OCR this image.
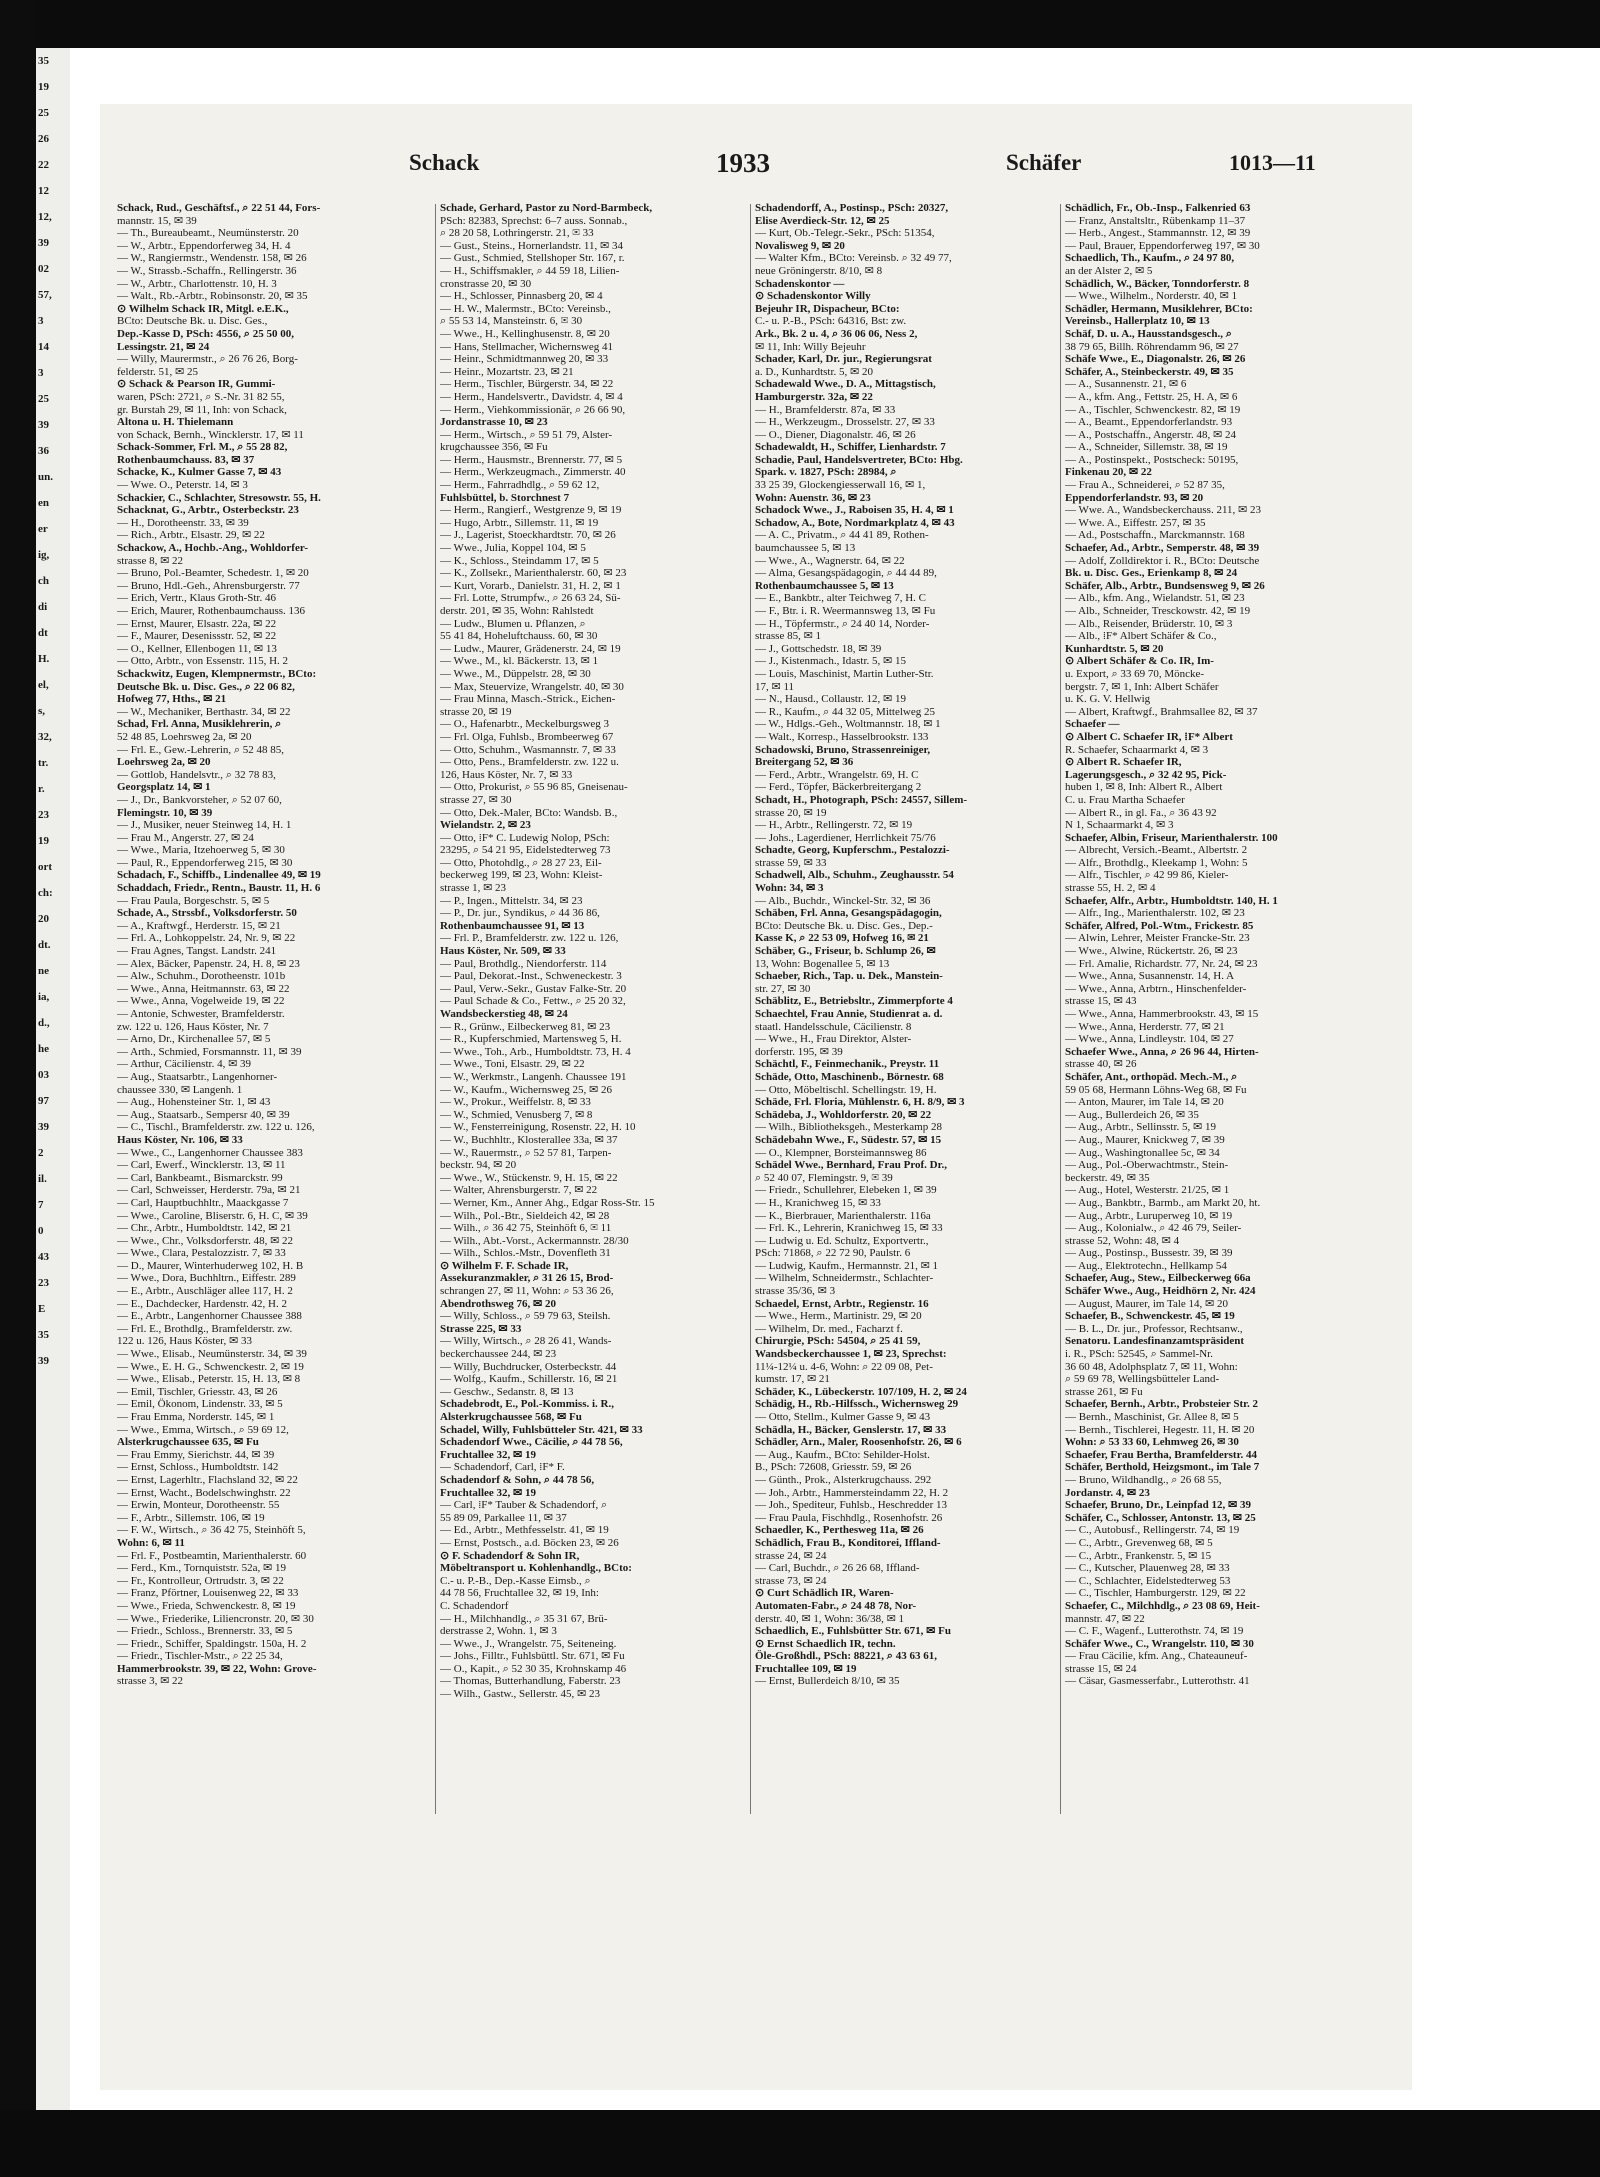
35
19
25
26
22
12
12,
39
02
57,
3
14
3
25
39
36
un.
en
er
ig,
ch
di
dt
H.
el,
s,
32,
tr.
r.
23
19
ort
ch:
20
dt.
ne
ia,
d.,
he
03
97
39
2
il.
7
0
43
23
E
35
39
Schack	1933	Schäfer	1013—11
Schack, Rud., Geschäftsf., ⌕ 22 51 44, Fors-
mannstr. 15, ✉ 39
— Th., Bureaubeamt., Neumünsterstr. 20
— W., Arbtr., Eppendorferweg 34, H. 4
— W., Rangiermstr., Wendenstr. 158, ✉ 26
— W., Strassb.-Schaffn., Rellingerstr. 36
— W., Arbtr., Charlottenstr. 10, H. 3
— Walt., Rb.-Arbtr., Robinsonstr. 20, ✉ 35
⊙ Wilhelm Schack IR, Mitgl. e.E.K.,
BCto: Deutsche Bk. u. Disc. Ges.,
Dep.-Kasse D, PSch: 4556, ⌕ 25 50 00,
Lessingstr. 21, ✉ 24
— Willy, Maurermstr., ⌕ 26 76 26, Borg-
felderstr. 51, ✉ 25
⊙ Schack & Pearson IR, Gummi-
waren, PSch: 2721, ⌕ S.-Nr. 31 82 55,
gr. Burstah 29, ✉ 11, Inh: von Schack,
Altona u. H. Thielemann
von Schack, Bernh., Wincklerstr. 17, ✉ 11
Schack-Sommer, Frl. M., ⌕ 55 28 82,
Rothenbaumchauss. 83, ✉ 37
Schacke, K., Kulmer Gasse 7, ✉ 43
— Wwe. O., Peterstr. 14, ✉ 3
Schackier, C., Schlachter, Stresowstr. 55, H.
Schacknat, G., Arbtr., Osterbeckstr. 23
— H., Dorotheenstr. 33, ✉ 39
— Rich., Arbtr., Elsastr. 29, ✉ 22
Schackow, A., Hochb.-Ang., Wohldorfer-
strasse 8, ✉ 22
— Bruno, Pol.-Beamter, Schedestr. 1, ✉ 20
— Bruno, Hdl.-Geh., Ahrensburgerstr. 77
— Erich, Vertr., Klaus Groth-Str. 46
— Erich, Maurer, Rothenbaumchauss. 136
— Ernst, Maurer, Elsastr. 22a, ✉ 22
— F., Maurer, Desenissstr. 52, ✉ 22
— O., Kellner, Ellenbogen 11, ✉ 13
— Otto, Arbtr., von Essenstr. 115, H. 2
Schackwitz, Eugen, Klempnermstr., BCto:
Deutsche Bk. u. Disc. Ges., ⌕ 22 06 82,
Hofweg 77, Hths., ✉ 21
— W., Mechaniker, Berthastr. 34, ✉ 22
Schad, Frl. Anna, Musiklehrerin, ⌕
52 48 85, Loehrsweg 2a, ✉ 20
— Frl. E., Gew.-Lehrerin, ⌕ 52 48 85,
Loehrsweg 2a, ✉ 20
— Gottlob, Handelsvtr., ⌕ 32 78 83,
Georgsplatz 14, ✉ 1
— J., Dr., Bankvorsteher, ⌕ 52 07 60,
Flemingstr. 10, ✉ 39
— J., Musiker, neuer Steinweg 14, H. 1
— Frau M., Angerstr. 27, ✉ 24
— Wwe., Maria, Itzehoerweg 5, ✉ 30
— Paul, R., Eppendorferweg 215, ✉ 30
Schadach, F., Schiffb., Lindenallee 49, ✉ 19
Schaddach, Friedr., Rentn., Baustr. 11, H. 6
— Frau Paula, Borgeschstr. 5, ✉ 5
Schade, A., Strssbf., Volksdorferstr. 50
— A., Kraftwgf., Herderstr. 15, ✉ 21
— Frl. A., Lohkoppelstr. 24, Nr. 9, ✉ 22
— Frau Agnes, Tangst. Landstr. 241
— Alex, Bäcker, Papenstr. 24, H. 8, ✉ 23
— Alw., Schuhm., Dorotheenstr. 101b
— Wwe., Anna, Heitmannstr. 63, ✉ 22
— Wwe., Anna, Vogelweide 19, ✉ 22
— Antonie, Schwester, Bramfelderstr.
zw. 122 u. 126, Haus Köster, Nr. 7
— Arno, Dr., Kirchenallee 57, ✉ 5
— Arth., Schmied, Forsmannstr. 11, ✉ 39
— Arthur, Cäcilienstr. 4, ✉ 39
— Aug., Staatsarbtr., Langenhorner-
chaussee 330, ✉ Langenh. 1
— Aug., Hohensteiner Str. 1, ✉ 43
— Aug., Staatsarb., Sempersr 40, ✉ 39
— C., Tischl., Bramfelderstr. zw. 122 u. 126,
Haus Köster, Nr. 106, ✉ 33
— Wwe., C., Langenhorner Chaussee 383
— Carl, Ewerf., Wincklerstr. 13, ✉ 11
— Carl, Bankbeamt., Bismarckstr. 99
— Carl, Schweisser, Herderstr. 79a, ✉ 21
— Carl, Hauptbuchhltr., Maackgasse 7
— Wwe., Caroline, Bliserstr. 6, H. C, ✉ 39
— Chr., Arbtr., Humboldtstr. 142, ✉ 21
— Wwe., Chr., Volksdorferstr. 48, ✉ 22
— Wwe., Clara, Pestalozzistr. 7, ✉ 33
— D., Maurer, Winterhuderweg 102, H. B
— Wwe., Dora, Buchhltrn., Eiffestr. 289
— E., Arbtr., Auschläger allee 117, H. 2
— E., Dachdecker, Hardenstr. 42, H. 2
— E., Arbtr., Langenhorner Chaussee 388
— Frl. E., Brothdlg., Bramfelderstr. zw.
122 u. 126, Haus Köster, ✉ 33
— Wwe., Elisab., Neumünsterstr. 34, ✉ 39
— Wwe., E. H. G., Schwenckestr. 2, ✉ 19
— Wwe., Elisab., Peterstr. 15, H. 13, ✉ 8
— Emil, Tischler, Griesstr. 43, ✉ 26
— Emil, Ökonom, Lindenstr. 33, ✉ 5
— Frau Emma, Norderstr. 145, ✉ 1
— Wwe., Emma, Wirtsch., ⌕ 59 69 12,
Alsterkrugchaussee 635, ✉ Fu
— Frau Emmy, Sierichstr. 44, ✉ 39
— Ernst, Schloss., Humboldtstr. 142
— Ernst, Lagerhltr., Flachsland 32, ✉ 22
— Ernst, Wacht., Bodelschwinghstr. 22
— Erwin, Monteur, Dorotheenstr. 55
— F., Arbtr., Sillemstr. 106, ✉ 19
— F. W., Wirtsch., ⌕ 36 42 75, Steinhöft 5,
Wohn: 6, ✉ 11
— Frl. F., Postbeamtin, Marienthalerstr. 60
— Ferd., Km., Tornquiststr. 52a, ✉ 19
— Fr., Kontrolleur, Ortrudstr. 3, ✉ 22
— Franz, Pförtner, Louisenweg 22, ✉ 33
— Wwe., Frieda, Schwenckestr. 8, ✉ 19
— Wwe., Friederike, Liliencronstr. 20, ✉ 30
— Friedr., Schloss., Brennerstr. 33, ✉ 5
— Friedr., Schiffer, Spaldingstr. 150a, H. 2
— Friedr., Tischler-Mstr., ⌕ 22 25 34,
Hammerbrookstr. 39, ✉ 22, Wohn: Grove-
strasse 3, ✉ 22
Schade, Gerhard, Pastor zu Nord-Barmbeck,
PSch: 82383, Sprechst: 6–7 auss. Sonnab.,
⌕ 28 20 58, Lothringerstr. 21, ✉ 33
— Gust., Steins., Hornerlandstr. 11, ✉ 34
— Gust., Schmied, Stellshoper Str. 167, r.
— H., Schiffsmakler, ⌕ 44 59 18, Lilien-
cronstrasse 20, ✉ 30
— H., Schlosser, Pinnasberg 20, ✉ 4
— H. W., Malermstr., BCto: Vereinsb.,
⌕ 55 53 14, Mansteinstr. 6, ✉ 30
— Wwe., H., Kellinghusenstr. 8, ✉ 20
— Hans, Stellmacher, Wichernsweg 41
— Heinr., Schmidtmannweg 20, ✉ 33
— Heinr., Mozartstr. 23, ✉ 21
— Herm., Tischler, Bürgerstr. 34, ✉ 22
— Herm., Handelsvertr., Davidstr. 4, ✉ 4
— Herm., Viehkommissionär, ⌕ 26 66 90,
Jordanstrasse 10, ✉ 23
— Herm., Wirtsch., ⌕ 59 51 79, Alster-
krugchaussee 356, ✉ Fu
— Herm., Hausmstr., Brennerstr. 77, ✉ 5
— Herm., Werkzeugmach., Zimmerstr. 40
— Herm., Fahrradhdlg., ⌕ 59 62 12,
Fuhlsbüttel, b. Storchnest 7
— Herm., Rangierf., Westgrenze 9, ✉ 19
— Hugo, Arbtr., Sillemstr. 11, ✉ 19
— J., Lagerist, Stoeckhardtstr. 70, ✉ 26
— Wwe., Julia, Koppel 104, ✉ 5
— K., Schloss., Steindamm 17, ✉ 5
— K., Zollsekr., Marienthalerstr. 60, ✉ 23
— Kurt, Vorarb., Danielstr. 31, H. 2, ✉ 1
— Frl. Lotte, Strumpfw., ⌕ 26 63 24, Sü-
derstr. 201, ✉ 35, Wohn: Rahlstedt
— Ludw., Blumen u. Pflanzen, ⌕
55 41 84, Hoheluftchauss. 60, ✉ 30
— Ludw., Maurer, Grädenerstr. 24, ✉ 19
— Wwe., M., kl. Bäckerstr. 13, ✉ 1
— Wwe., M., Düppelstr. 28, ✉ 30
— Max, Steuervize, Wrangelstr. 40, ✉ 30
— Frau Minna, Masch.-Strick., Eichen-
strasse 20, ✉ 19
— O., Hafenarbtr., Meckelburgsweg 3
— Frl. Olga, Fuhlsb., Brombeerweg 67
— Otto, Schuhm., Wasmannstr. 7, ✉ 33
— Otto, Pens., Bramfelderstr. zw. 122 u.
126, Haus Köster, Nr. 7, ✉ 33
— Otto, Prokurist, ⌕ 55 96 85, Gneisenau-
strasse 27, ✉ 30
— Otto, Dek.-Maler, BCto: Wandsb. B.,
Wielandstr. 2, ✉ 23
— Otto, ⁞F* C. Ludewig Nolop, PSch:
23295, ⌕ 54 21 95, Eidelstedterweg 73
— Otto, Photohdlg., ⌕ 28 27 23, Eil-
beckerweg 199, ✉ 23, Wohn: Kleist-
strasse 1, ✉ 23
— P., Ingen., Mittelstr. 34, ✉ 23
— P., Dr. jur., Syndikus, ⌕ 44 36 86,
Rothenbaumchaussee 91, ✉ 13
— Frl. P., Bramfelderstr. zw. 122 u. 126,
Haus Köster, Nr. 509, ✉ 33
— Paul, Brothdlg., Niendorferstr. 114
— Paul, Dekorat.-Inst., Schweneckestr. 3
— Paul, Verw.-Sekr., Gustav Falke-Str. 20
— Paul Schade & Co., Fettw., ⌕ 25 20 32,
Wandsbeckerstieg 48, ✉ 24
— R., Grünw., Eilbeckerweg 81, ✉ 23
— R., Kupferschmied, Martensweg 5, H.
— Wwe., Toh., Arb., Humboldtstr. 73, H. 4
— Wwe., Toni, Elsastr. 29, ✉ 22
— W., Werkmstr., Langenh. Chaussee 191
— W., Kaufm., Wichernsweg 25, ✉ 26
— W., Prokur., Weiffelstr. 8, ✉ 33
— W., Schmied, Venusberg 7, ✉ 8
— W., Fensterreinigung, Rosenstr. 22, H. 10
— W., Buchhltr., Klosterallee 33a, ✉ 37
— W., Rauermstr., ⌕ 52 57 81, Tarpen-
beckstr. 94, ✉ 20
— Wwe., W., Stückenstr. 9, H. 15, ✉ 22
— Walter, Ahrensburgerstr. 7, ✉ 22
— Werner, Km., Anner Ahg., Edgar Ross-Str. 15
— Wilh., Pol.-Btr., Sieldeich 42, ✉ 28
— Wilh., ⌕ 36 42 75, Steinhöft 6, ✉ 11
— Wilh., Abt.-Vorst., Ackermannstr. 28/30
— Wilh., Schlos.-Mstr., Dovenfleth 31
⊙ Wilhelm F. F. Schade IR,
Assekuranzmakler, ⌕ 31 26 15, Brod-
schrangen 27, ✉ 11, Wohn: ⌕ 53 36 26,
Abendrothsweg 76, ✉ 20
— Willy, Schloss., ⌕ 59 79 63, Steilsh.
Strasse 225, ✉ 33
— Willy, Wirtsch., ⌕ 28 26 41, Wands-
beckerchaussee 244, ✉ 23
— Willy, Buchdrucker, Osterbeckstr. 44
— Wolfg., Kaufm., Schillerstr. 16, ✉ 21
— Geschw., Sedanstr. 8, ✉ 13
Schadebrodt, E., Pol.-Kommiss. i. R.,
Alsterkrugchaussee 568, ✉ Fu
Schadel, Willy, Fuhlsbütteler Str. 421, ✉ 33
Schadendorf Wwe., Cäcilie, ⌕ 44 78 56,
Fruchtallee 32, ✉ 19
— Schadendorf, Carl, ⁞F* F.
Schadendorf & Sohn, ⌕ 44 78 56,
Fruchtallee 32, ✉ 19
— Carl, ⁞F* Tauber & Schadendorf, ⌕
55 89 09, Parkallee 11, ✉ 37
— Ed., Arbtr., Methfesselstr. 41, ✉ 19
— Ernst, Postsch., a.d. Böcken 23, ✉ 26
⊙ F. Schadendorf & Sohn IR,
Möbeltransport u. Kohlenhandlg., BCto:
C.- u. P.-B., Dep.-Kasse Eimsb., ⌕
44 78 56, Fruchtallee 32, ✉ 19, Inh:
C. Schadendorf
— H., Milchhandlg., ⌕ 35 31 67, Brü-
derstrasse 2, Wohn. 1, ✉ 3
— Wwe., J., Wrangelstr. 75, Seiteneing.
— Johs., Filltr., Fuhlsbüttl. Str. 671, ✉ Fu
— O., Kapit., ⌕ 52 30 35, Krohnskamp 46
— Thomas, Butterhandlung, Faberstr. 23
— Wilh., Gastw., Sellerstr. 45, ✉ 23
Schadendorff, A., Postinsp., PSch: 20327,
Elise Averdieck-Str. 12, ✉ 25
— Kurt, Ob.-Telegr.-Sekr., PSch: 51354,
Novalisweg 9, ✉ 20
— Walter Kfm., BCto: Vereinsb. ⌕ 32 49 77,
neue Gröningerstr. 8/10, ✉ 8
Schadenskontor —
⊙ Schadenskontor Willy
Bejeuhr IR, Dispacheur, BCto:
C.- u. P.-B., PSch: 64316, Bst: zw.
Ark., Bk. 2 u. 4, ⌕ 36 06 06, Ness 2,
✉ 11, Inh: Willy Bejeuhr
Schader, Karl, Dr. jur., Regierungsrat
a. D., Kunhardtstr. 5, ✉ 20
Schadewald Wwe., D. A., Mittagstisch,
Hamburgerstr. 32a, ✉ 22
— H., Bramfelderstr. 87a, ✉ 33
— H., Werkzeugm., Drosselstr. 27, ✉ 33
— O., Diener, Diagonalstr. 46, ✉ 26
Schadewaldt, H., Schiffer, Lienhardstr. 7
Schadie, Paul, Handelsvertreter, BCto: Hbg.
Spark. v. 1827, PSch: 28984, ⌕
33 25 39, Glockengiesserwall 16, ✉ 1,
Wohn: Auenstr. 36, ✉ 23
Schadock Wwe., J., Raboisen 35, H. 4, ✉ 1
Schadow, A., Bote, Nordmarkplatz 4, ✉ 43
— A. C., Privatm., ⌕ 44 41 89, Rothen-
baumchaussee 5, ✉ 13
— Wwe., A., Wagnerstr. 64, ✉ 22
— Alma, Gesangspädagogin, ⌕ 44 44 89,
Rothenbaumchaussee 5, ✉ 13
— E., Bankbtr., alter Teichweg 7, H. C
— F., Btr. i. R. Weermannsweg 13, ✉ Fu
— H., Töpfermstr., ⌕ 24 40 14, Norder-
strasse 85, ✉ 1
— J., Gottschedstr. 18, ✉ 39
— J., Kistenmach., Idastr. 5, ✉ 15
— Louis, Maschinist, Martin Luther-Str.
17, ✉ 11
— N., Hausd., Collaustr. 12, ✉ 19
— R., Kaufm., ⌕ 44 32 05, Mittelweg 25
— W., Hdlgs.-Geh., Woltmannstr. 18, ✉ 1
— Walt., Korresp., Hasselbrookstr. 133
Schadowski, Bruno, Strassenreiniger,
Breitergang 52, ✉ 36
— Ferd., Arbtr., Wrangelstr. 69, H. C
— Ferd., Töpfer, Bäckerbreitergang 2
Schadt, H., Photograph, PSch: 24557, Sillem-
strasse 20, ✉ 19
— H., Arbtr., Rellingerstr. 72, ✉ 19
— Johs., Lagerdiener, Herrlichkeit 75/76
Schadte, Georg, Kupferschm., Pestalozzi-
strasse 59, ✉ 33
Schadwell, Alb., Schuhm., Zeughausstr. 54
Wohn: 34, ✉ 3
— Alb., Buchdr., Winckel-Str. 32, ✉ 36
Schäben, Frl. Anna, Gesangspädagogin,
BCto: Deutsche Bk. u. Disc. Ges., Dep.-
Kasse K, ⌕ 22 53 09, Hofweg 16, ✉ 21
Schäber, G., Friseur, b. Schlump 26, ✉
13, Wohn: Bogenallee 5, ✉ 13
Schaeber, Rich., Tap. u. Dek., Manstein-
str. 27, ✉ 30
Schäblitz, E., Betriebsltr., Zimmerpforte 4
Schaechtel, Frau Annie, Studienrat a. d.
staatl. Handelsschule, Cäcilienstr. 8
— Wwe., H., Frau Direktor, Alster-
dorferstr. 195, ✉ 39
Schächtl, F., Feinmechanik., Preystr. 11
Schäde, Otto, Maschinenb., Börnestr. 68
— Otto, Möbeltischl. Schellingstr. 19, H.
Schäde, Frl. Floria, Mühlenstr. 6, H. 8/9, ✉ 3
Schädeba, J., Wohldorferstr. 20, ✉ 22
— Wilh., Bibliotheksgeh., Mesterkamp 28
Schädebahn Wwe., F., Südestr. 57, ✉ 15
— O., Klempner, Borsteimannsweg 86
Schädel Wwe., Bernhard, Frau Prof. Dr.,
⌕ 52 40 07, Flemingstr. 9, ✉ 39
— Friedr., Schullehrer, Elebeken 1, ✉ 39
— H., Kranichweg 15, ✉ 33
— K., Bierbrauer, Marienthalerstr. 116a
— Frl. K., Lehrerin, Kranichweg 15, ✉ 33
— Ludwig u. Ed. Schultz, Exportvertr.,
PSch: 71868, ⌕ 22 72 90, Paulstr. 6
— Ludwig, Kaufm., Hermannstr. 21, ✉ 1
— Wilhelm, Schneidermstr., Schlachter-
strasse 35/36, ✉ 3
Schaedel, Ernst, Arbtr., Regienstr. 16
— Wwe., Herm., Martinistr. 29, ✉ 20
— Wilhelm, Dr. med., Facharzt f.
Chirurgie, PSch: 54504, ⌕ 25 41 59,
Wandsbeckerchaussee 1, ✉ 23, Sprechst:
11¼-12¼ u. 4-6, Wohn: ⌕ 22 09 08, Pet-
kumstr. 17, ✉ 21
Schäder, K., Lübeckerstr. 107/109, H. 2, ✉ 24
Schädig, H., Rb.-Hilfssch., Wichernsweg 29
— Otto, Stellm., Kulmer Gasse 9, ✉ 43
Schädla, H., Bäcker, Genslerstr. 17, ✉ 33
Schädler, Arn., Maler, Roosenhofstr. 26, ✉ 6
— Aug., Kaufm., BCto: Sehilder-Holst.
B., PSch: 72608, Griesstr. 59, ✉ 26
— Günth., Prok., Alsterkrugchauss. 292
— Joh., Arbtr., Hammersteindamm 22, H. 2
— Joh., Spediteur, Fuhlsb., Heschredder 13
— Frau Paula, Fischhdlg., Rosenhofstr. 26
Schaedler, K., Perthesweg 11a, ✉ 26
Schädlich, Frau B., Konditorei, Iffland-
strasse 24, ✉ 24
— Carl, Buchdr., ⌕ 26 26 68, Iffland-
strasse 73, ✉ 24
⊙ Curt Schädlich IR, Waren-
Automaten-Fabr., ⌕ 24 48 78, Nor-
derstr. 40, ✉ 1, Wohn: 36/38, ✉ 1
Schaedlich, E., Fuhlsbütter Str. 671, ✉ Fu
⊙ Ernst Schaedlich IR, techn.
Öle-Großhdl., PSch: 88221, ⌕ 43 63 61,
Fruchtallee 109, ✉ 19
— Ernst, Bullerdeich 8/10, ✉ 35
Schädlich, Fr., Ob.-Insp., Falkenried 63
— Franz, Anstaltsltr., Rübenkamp 11–37
— Herb., Angest., Stammannstr. 12, ✉ 39
— Paul, Brauer, Eppendorferweg 197, ✉ 30
Schaedlich, Th., Kaufm., ⌕ 24 97 80,
an der Alster 2, ✉ 5
Schädlich, W., Bäcker, Tonndorferstr. 8
— Wwe., Wilhelm., Norderstr. 40, ✉ 1
Schädler, Hermann, Musiklehrer, BCto:
Vereinsb., Hallerplatz 10, ✉ 13
Schäf, D. u. A., Hausstandsgesch., ⌕
38 79 65, Billh. Röhrendamm 96, ✉ 27
Schäfe Wwe., E., Diagonalstr. 26, ✉ 26
Schäfer, A., Steinbeckerstr. 49, ✉ 35
— A., Susannenstr. 21, ✉ 6
— A., kfm. Ang., Fettstr. 25, H. A, ✉ 6
— A., Tischler, Schwenckestr. 82, ✉ 19
— A., Beamt., Eppendorferlandstr. 93
— A., Postschaffn., Angerstr. 48, ✉ 24
— A., Schneider, Sillemstr. 38, ✉ 19
— A., Postinspekt., Postscheck: 50195,
Finkenau 20, ✉ 22
— Frau A., Schneiderei, ⌕ 52 87 35,
Eppendorferlandstr. 93, ✉ 20
— Wwe. A., Wandsbeckerchauss. 211, ✉ 23
— Wwe. A., Eiffestr. 257, ✉ 35
— Ad., Postschaffn., Marckmannstr. 168
Schaefer, Ad., Arbtr., Semperstr. 48, ✉ 39
— Adolf, Zolldirektor i. R., BCto: Deutsche
Bk. u. Disc. Ges., Erienkamp 8, ✉ 24
Schäfer, Alb., Arbtr., Bundsensweg 9, ✉ 26
— Alb., kfm. Ang., Wielandstr. 51, ✉ 23
— Alb., Schneider, Tresckowstr. 42, ✉ 19
— Alb., Reisender, Brüderstr. 10, ✉ 3
— Alb., ⁞F* Albert Schäfer & Co.,
Kunhardtstr. 5, ✉ 20
⊙ Albert Schäfer & Co. IR, Im-
u. Export, ⌕ 33 69 70, Möncke-
bergstr. 7, ✉ 1, Inh: Albert Schäfer
u. K. G. V. Hellwig
— Albert, Kraftwgf., Brahmsallee 82, ✉ 37
Schaefer —
⊙ Albert C. Schaefer IR, ⁞F* Albert
R. Schaefer, Schaarmarkt 4, ✉ 3
⊙ Albert R. Schaefer IR,
Lagerungsgesch., ⌕ 32 42 95, Pick-
huben 1, ✉ 8, Inh: Albert R., Albert
C. u. Frau Martha Schaefer
— Albert R., in gl. Fa., ⌕ 36 43 92
N 1, Schaarmarkt 4, ✉ 3
Schaefer, Albin, Friseur, Marienthalerstr. 100
— Albrecht, Versich.-Beamt., Albertstr. 2
— Alfr., Brothdlg., Kleekamp 1, Wohn: 5
— Alfr., Tischler, ⌕ 42 99 86, Kieler-
strasse 55, H. 2, ✉ 4
Schaefer, Alfr., Arbtr., Humboldtstr. 140, H. 1
— Alfr., Ing., Marienthalerstr. 102, ✉ 23
Schäfer, Alfred, Pol.-Wtm., Frickestr. 85
— Alwin, Lehrer, Meister Francke-Str. 23
— Wwe., Alwine, Rückertstr. 26, ✉ 23
— Frl. Amalie, Richardstr. 77, Nr. 24, ✉ 23
— Wwe., Anna, Susannenstr. 14, H. A
— Wwe., Anna, Arbtrn., Hinschenfelder-
strasse 15, ✉ 43
— Wwe., Anna, Hammerbrookstr. 43, ✉ 15
— Wwe., Anna, Herderstr. 77, ✉ 21
— Wwe., Anna, Lindleystr. 104, ✉ 27
Schaefer Wwe., Anna, ⌕ 26 96 44, Hirten-
strasse 40, ✉ 26
Schäfer, Ant., orthopäd. Mech.-M., ⌕
59 05 68, Hermann Löhns-Weg 68, ✉ Fu
— Anton, Maurer, im Tale 14, ✉ 20
— Aug., Bullerdeich 26, ✉ 35
— Aug., Arbtr., Sellinsstr. 5, ✉ 19
— Aug., Maurer, Knickweg 7, ✉ 39
— Aug., Washingtonallee 5c, ✉ 34
— Aug., Pol.-Oberwachtmstr., Stein-
beckerstr. 49, ✉ 35
— Aug., Hotel, Westerstr. 21/25, ✉ 1
— Aug., Bankbtr., Barmb., am Markt 20, ht.
— Aug., Arbtr., Luruperweg 10, ✉ 19
— Aug., Kolonialw., ⌕ 42 46 79, Seiler-
strasse 52, Wohn: 48, ✉ 4
— Aug., Postinsp., Bussestr. 39, ✉ 39
— Aug., Elektrotechn., Hellkamp 54
Schaefer, Aug., Stew., Eilbeckerweg 66a
Schäfer Wwe., Aug., Heidhörn 2, Nr. 424
— August, Maurer, im Tale 14, ✉ 20
Schaefer, B., Schwenckestr. 45, ✉ 19
— B. L., Dr. jur., Professor, Rechtsanw.,
Senatoru. Landesfinanzamtspräsident
i. R., PSch: 52545, ⌕ Sammel-Nr.
36 60 48, Adolphsplatz 7, ✉ 11, Wohn:
⌕ 59 69 78, Wellingsbütteler Land-
strasse 261, ✉ Fu
Schaefer, Bernh., Arbtr., Probsteier Str. 2
— Bernh., Maschinist, Gr. Allee 8, ✉ 5
— Bernh., Tischlerei, Hegestr. 11, H. ✉ 20
Wohn: ⌕ 53 33 60, Lehmweg 26, ✉ 30
Schaefer, Frau Bertha, Bramfelderstr. 44
Schäfer, Berthold, Heizgsmont., im Tale 7
— Bruno, Wildhandlg., ⌕ 26 68 55,
Jordanstr. 4, ✉ 23
Schaefer, Bruno, Dr., Leinpfad 12, ✉ 39
Schäfer, C., Schlosser, Antonstr. 13, ✉ 25
— C., Autobusf., Rellingerstr. 74, ✉ 19
— C., Arbtr., Grevenweg 68, ✉ 5
— C., Arbtr., Frankenstr. 5, ✉ 15
— C., Kutscher, Plauenweg 28, ✉ 33
— C., Schlachter, Eidelstedterweg 53
— C., Tischler, Hamburgerstr. 129, ✉ 22
Schaefer, C., Milchhdlg., ⌕ 23 08 69, Heit-
mannstr. 47, ✉ 22
— C. F., Wagenf., Lutterothstr. 74, ✉ 19
Schäfer Wwe., C., Wrangelstr. 110, ✉ 30
— Frau Cäcilie, kfm. Ang., Chateauneuf-
strasse 15, ✉ 24
— Cäsar, Gasmesserfabr., Lutterothstr. 41
